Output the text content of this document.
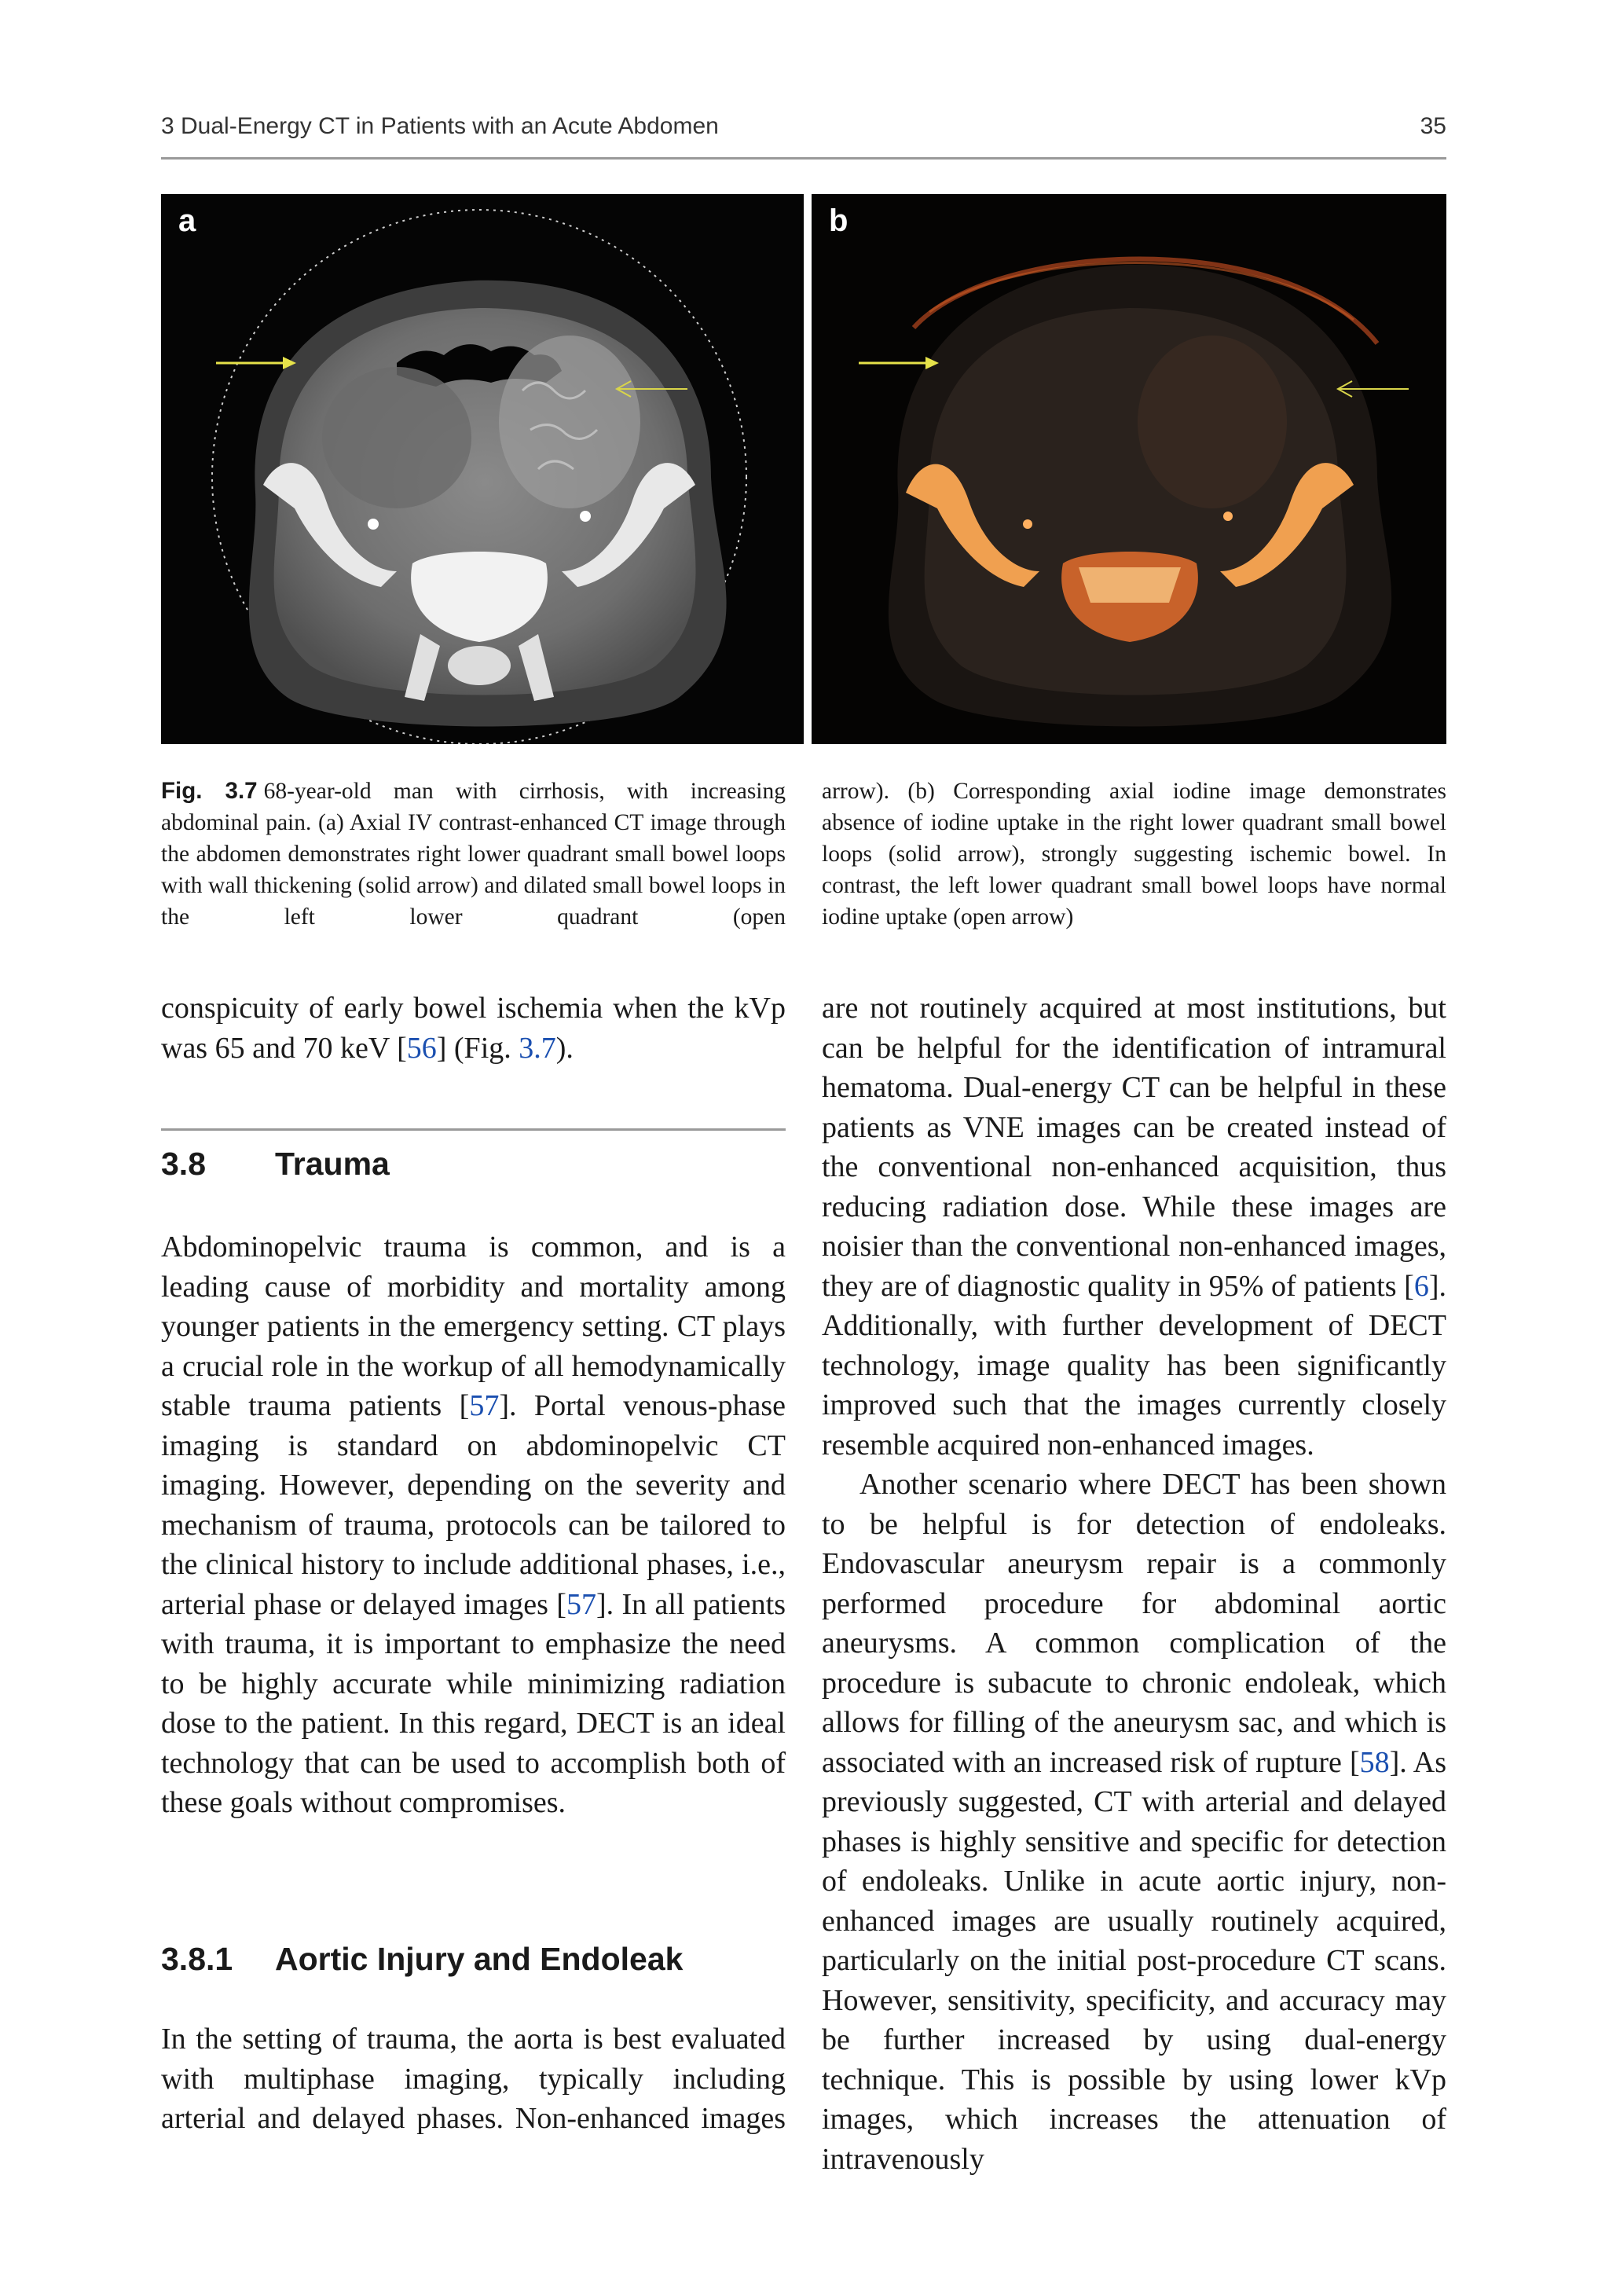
3 Dual-Energy CT in Patients with an Acute Abdomen	35
a	b
Fig. 3.7 68-year-old man with cirrhosis, with increasing abdominal pain. (a) Axial IV contrast-enhanced CT image through the abdomen demonstrates right lower quadrant small bowel loops with wall thickening (solid arrow) and dilated small bowel loops in the left lower quadrant (open
arrow). (b) Corresponding axial iodine image demonstrates absence of iodine uptake in the right lower quadrant small bowel loops (solid arrow), strongly suggesting ischemic bowel. In contrast, the left lower quadrant small bowel loops have normal iodine uptake (open arrow)

conspicuity of early bowel ischemia when the kVp was 65 and 70 keV [56] (Fig. 3.7).

3.8 Trauma

Abdominopelvic trauma is common, and is a leading cause of morbidity and mortality among younger patients in the emergency setting. CT plays a crucial role in the workup of all hemodynamically stable trauma patients [57]. Portal venous-phase imaging is standard on abdominopelvic CT imaging. However, depending on the severity and mechanism of trauma, protocols can be tailored to the clinical history to include additional phases, i.e., arterial phase or delayed images [57]. In all patients with trauma, it is important to emphasize the need to be highly accurate while minimizing radiation dose to the patient. In this regard, DECT is an ideal technology that can be used to accomplish both of these goals without compromises.

3.8.1 Aortic Injury and Endoleak

In the setting of trauma, the aorta is best evaluated with multiphase imaging, typically including arterial and delayed phases. Non-enhanced images

are not routinely acquired at most institutions, but can be helpful for the identification of intramural hematoma. Dual-energy CT can be helpful in these patients as VNE images can be created instead of the conventional non-enhanced acquisition, thus reducing radiation dose. While these images are noisier than the conventional non-enhanced images, they are of diagnostic quality in 95% of patients [6]. Additionally, with further development of DECT technology, image quality has been significantly improved such that the images currently closely resemble acquired non-enhanced images.

Another scenario where DECT has been shown to be helpful is for detection of endoleaks. Endovascular aneurysm repair is a commonly performed procedure for abdominal aortic aneurysms. A common complication of the procedure is subacute to chronic endoleak, which allows for filling of the aneurysm sac, and which is associated with an increased risk of rupture [58]. As previously suggested, CT with arterial and delayed phases is highly sensitive and specific for detection of endoleaks. Unlike in acute aortic injury, non-enhanced images are usually routinely acquired, particularly on the initial post-procedure CT scans. However, sensitivity, specificity, and accuracy may be further increased by using dual-energy technique. This is possible by using lower kVp images, which increases the attenuation of intravenously
